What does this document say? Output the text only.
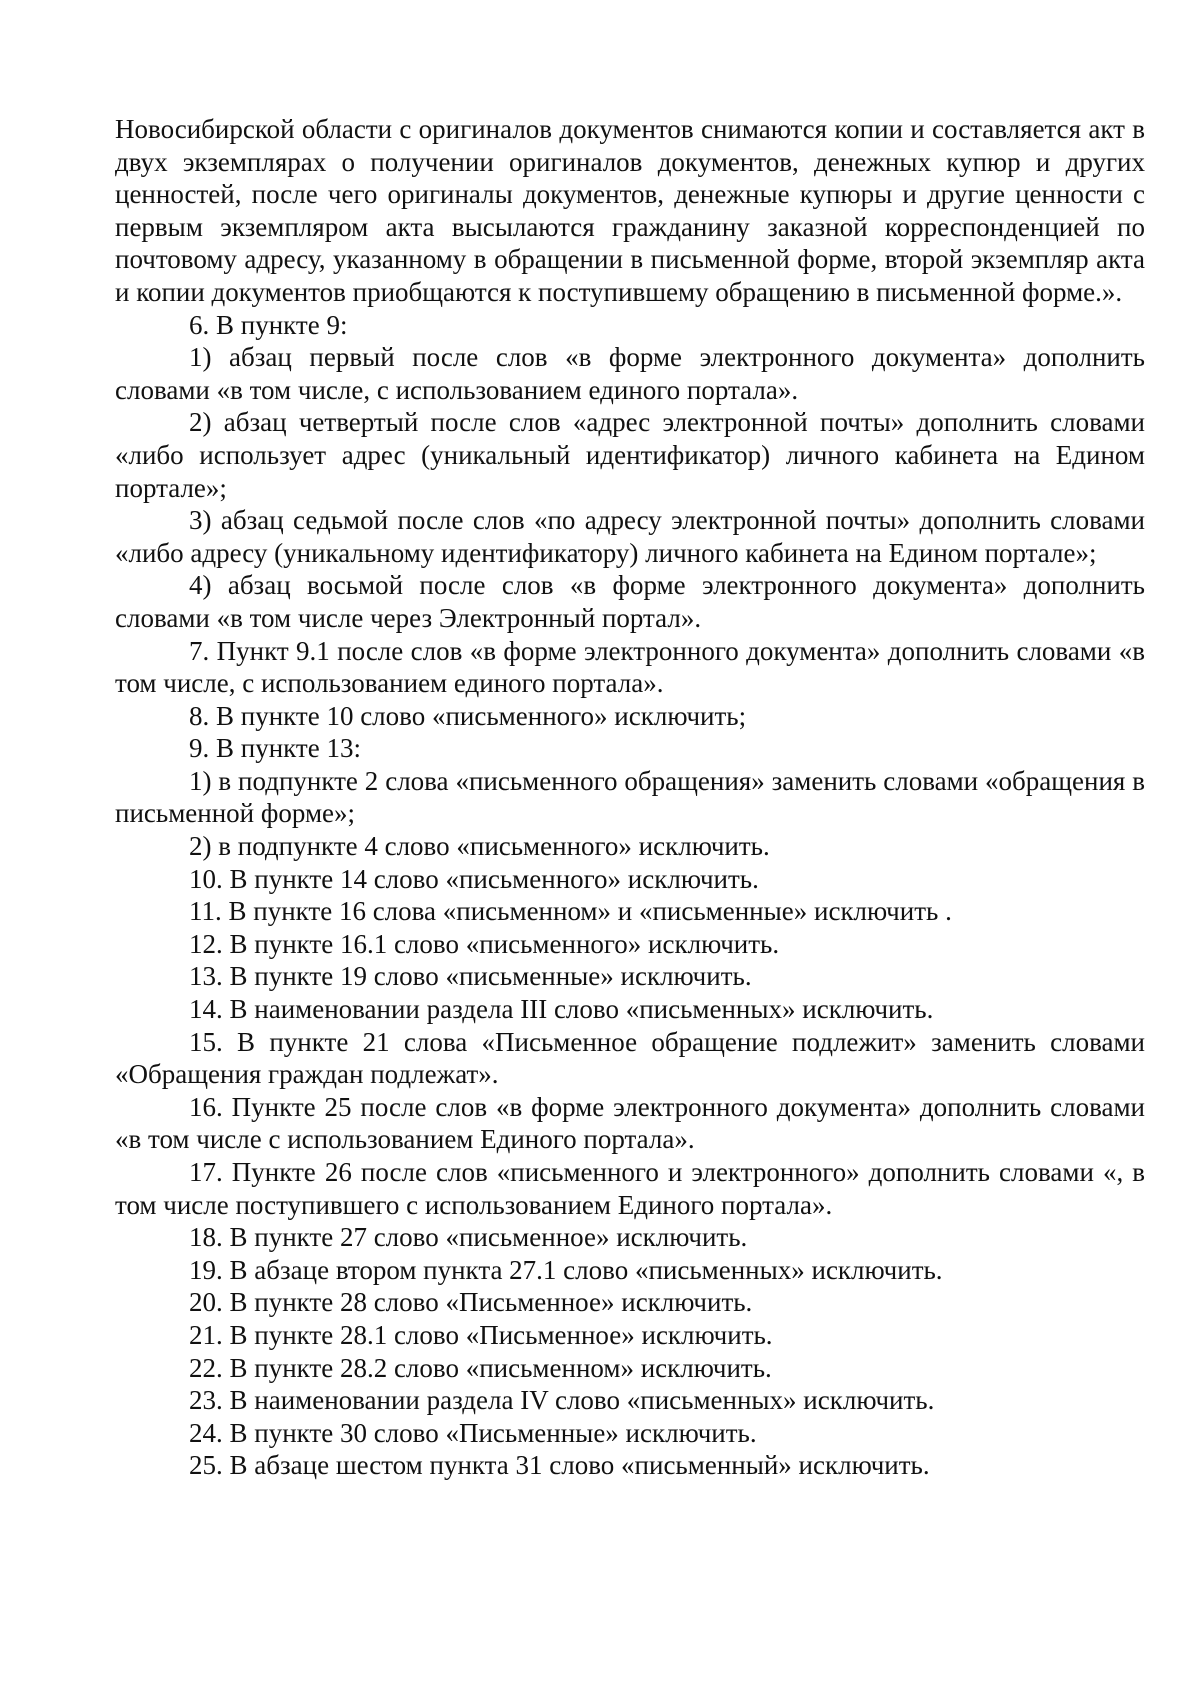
Новосибирской области с оригиналов документов снимаются копии и составляется акт в двух экземплярах о получении оригиналов документов, денежных купюр и других ценностей, после чего оригиналы документов, денежные купюры и другие ценности с первым экземпляром акта высылаются гражданину заказной корреспонденцией по почтовому адресу, указанному в обращении в письменной форме, второй экземпляр акта и копии документов приобщаются к поступившему обращению в письменной форме.».

6. В пункте 9:

1) абзац первый после слов «в форме электронного документа» дополнить словами «в том числе, с использованием единого портала».

2) абзац четвертый после слов «адрес электронной почты» дополнить словами «либо использует адрес (уникальный идентификатор) личного кабинета на Едином портале»;

3) абзац седьмой после слов «по адресу электронной почты» дополнить словами «либо адресу (уникальному идентификатору) личного кабинета на Едином портале»;

4) абзац восьмой после слов «в форме электронного документа» дополнить словами «в том числе через Электронный портал».

7. Пункт 9.1 после слов «в форме электронного документа» дополнить словами «в том числе, с использованием единого портала».

8. В пункте 10 слово «письменного» исключить;

9. В пункте 13:

1) в подпункте 2 слова «письменного обращения» заменить словами «обращения в письменной форме»;

2) в подпункте 4 слово «письменного» исключить.

10. В пункте 14 слово «письменного» исключить.

11. В пункте 16 слова «письменном» и «письменные» исключить .

12. В пункте 16.1 слово «письменного» исключить.

13. В пункте 19 слово «письменные» исключить.

14. В наименовании раздела III слово «письменных» исключить.

15. В пункте 21 слова «Письменное обращение подлежит» заменить словами «Обращения граждан подлежат».

16. Пункте 25 после слов «в форме электронного документа» дополнить словами «в том числе с использованием Единого портала».

17. Пункте 26 после слов «письменного и электронного» дополнить словами «, в том числе поступившего с использованием Единого портала».

18. В пункте 27 слово «письменное» исключить.

19. В абзаце втором пункта 27.1 слово «письменных» исключить.

20. В пункте 28 слово «Письменное» исключить.

21. В пункте 28.1 слово «Письменное» исключить.

22. В пункте 28.2 слово «письменном» исключить.

23. В наименовании раздела IV слово «письменных» исключить.

24. В пункте 30 слово «Письменные» исключить.

25. В абзаце шестом пункта 31 слово «письменный» исключить.
